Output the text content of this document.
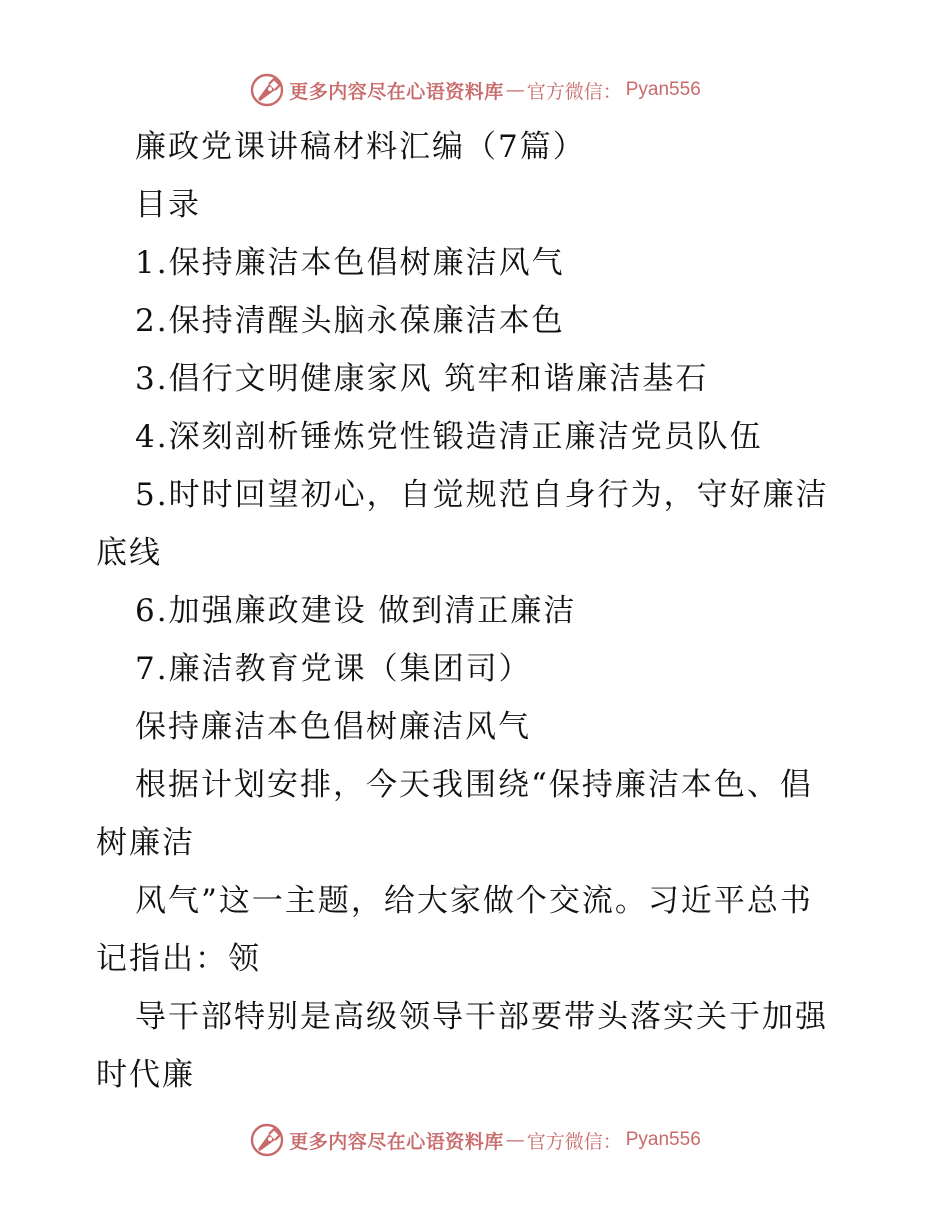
更多内容尽在心语资料库 — 官方微信： Pyan556
廉政党课讲稿材料汇编（7篇）
目录
1.保持廉洁本色倡树廉洁风气
2.保持清醒头脑永葆廉洁本色
3.倡行文明健康家风 筑牢和谐廉洁基石
4.深刻剖析锤炼党性锻造清正廉洁党员队伍
5.时时回望初心，自觉规范自身行为，守好廉洁
底线
6.加强廉政建设 做到清正廉洁
7.廉洁教育党课（集团司）
保持廉洁本色倡树廉洁风气
根据计划安排，今天我围绕“保持廉洁本色、倡
树廉洁
风气”这一主题，给大家做个交流。习近平总书
记指出：领
导干部特别是高级领导干部要带头落实关于加强
时代廉
更多内容尽在心语资料库 — 官方微信： Pyan556
